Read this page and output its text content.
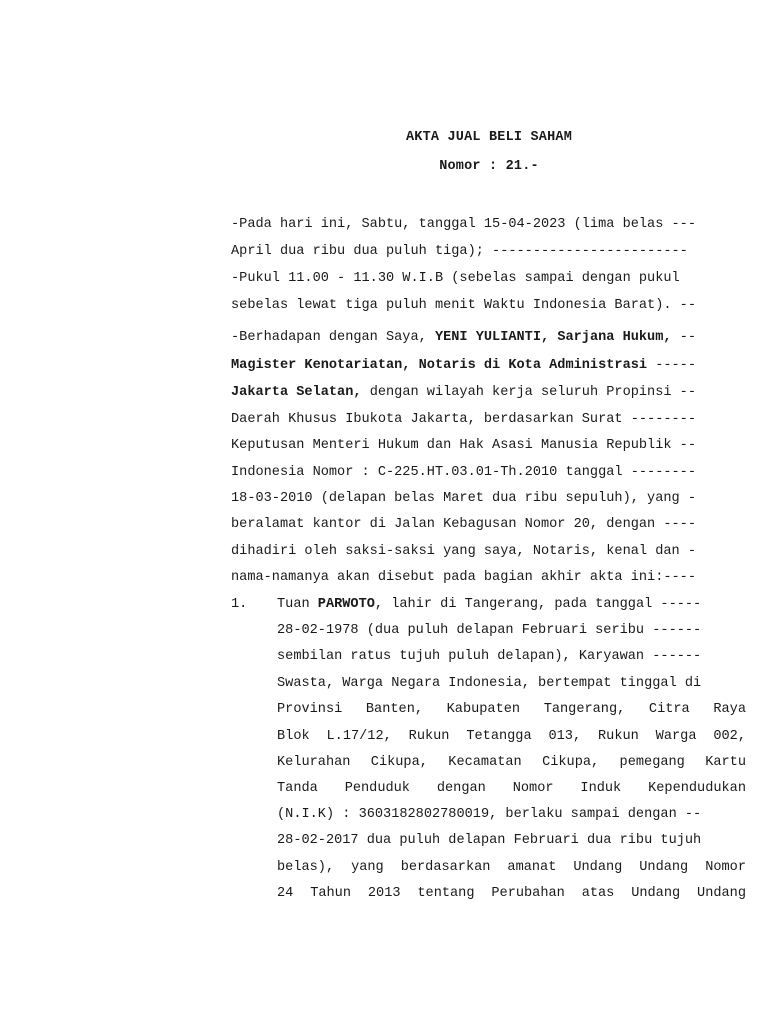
AKTA JUAL BELI SAHAM
Nomor : 21.-
-Pada hari ini, Sabtu, tanggal 15-04-2023 (lima belas ---
April dua ribu dua puluh tiga); ------------------------
-Pukul 11.00 - 11.30 W.I.B (sebelas sampai dengan pukul
sebelas lewat tiga puluh menit Waktu Indonesia Barat). --
-Berhadapan dengan Saya, YENI YULIANTI, Sarjana Hukum, --
Magister Kenotariatan, Notaris di Kota Administrasi -----
Jakarta Selatan, dengan wilayah kerja seluruh Propinsi --
Daerah Khusus Ibukota Jakarta, berdasarkan Surat --------
Keputusan Menteri Hukum dan Hak Asasi Manusia Republik --
Indonesia Nomor : C-225.HT.03.01-Th.2010 tanggal --------
18-03-2010 (delapan belas Maret dua ribu sepuluh), yang -
beralamat kantor di Jalan Kebagusan Nomor 20, dengan ----
dihadiri oleh saksi-saksi yang saya, Notaris, kenal dan -
nama-namanya akan disebut pada bagian akhir akta ini:----
1. Tuan PARWOTO, lahir di Tangerang, pada tanggal -----
28-02-1978 (dua puluh delapan Februari seribu ------
sembilan ratus tujuh puluh delapan), Karyawan ------
Swasta, Warga Negara Indonesia, bertempat tinggal di
Provinsi Banten, Kabupaten Tangerang, Citra Raya
Blok L.17/12, Rukun Tetangga 013, Rukun Warga 002,
Kelurahan Cikupa, Kecamatan Cikupa, pemegang Kartu
Tanda Penduduk dengan Nomor Induk Kependudukan
(N.I.K) : 3603182802780019, berlaku sampai dengan --
28-02-2017 dua puluh delapan Februari dua ribu tujuh
belas), yang berdasarkan amanat Undang Undang Nomor
24 Tahun 2013 tentang Perubahan atas Undang Undang
